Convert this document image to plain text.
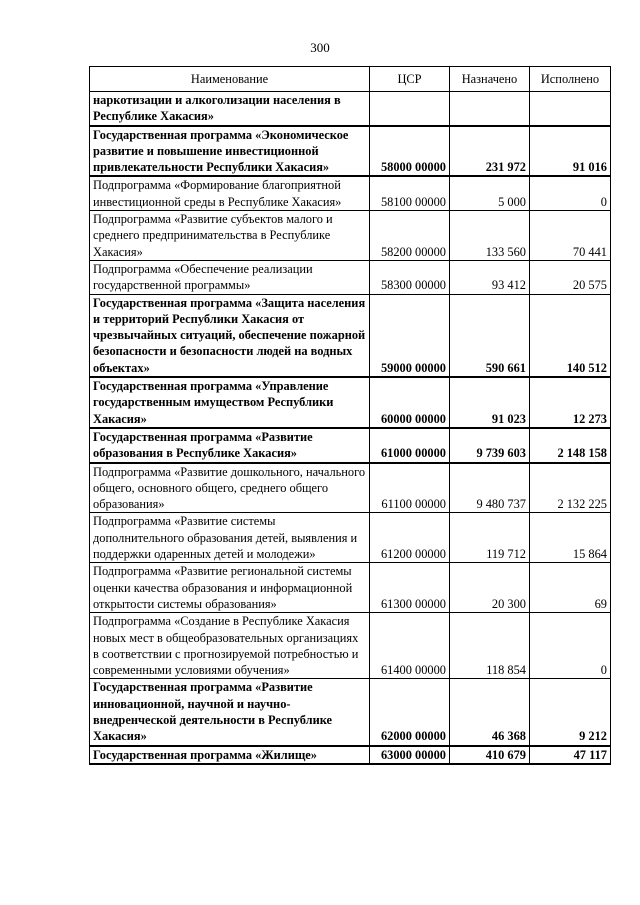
300
Наименование	ЦСР	Назначено	Исполнено
наркотизации и алкоголизации населения в Республике Хакасия»			
Государственная программа «Экономическое развитие и повышение инвестиционной привлекательности Республики Хакасия»	58000 00000	231 972	91 016
Подпрограмма «Формирование благоприятной инвестиционной среды в Республике Хакасия»	58100 00000	5 000	0
Подпрограмма «Развитие субъектов малого и среднего предпринимательства в Республике Хакасия»	58200 00000	133 560	70 441
Подпрограмма «Обеспечение реализации государственной программы»	58300 00000	93 412	20 575
Государственная программа «Защита населения и территорий Республики Хакасия от чрезвычайных ситуаций, обеспечение пожарной безопасности и безопасности людей на водных объектах»	59000 00000	590 661	140 512
Государственная программа «Управление государственным имуществом Республики Хакасия»	60000 00000	91 023	12 273
Государственная программа «Развитие образования в Республике Хакасия»	61000 00000	9 739 603	2 148 158
Подпрограмма «Развитие дошкольного, начального общего, основного общего, среднего общего образования»	61100 00000	9 480 737	2 132 225
Подпрограмма «Развитие системы дополнительного образования детей, выявления и поддержки одаренных детей и молодежи»	61200 00000	119 712	15 864
Подпрограмма «Развитие региональной системы оценки качества образования и информационной открытости системы образования»	61300 00000	20 300	69
Подпрограмма «Создание в Республике Хакасия новых мест в общеобразовательных организациях в соответствии с прогнозируемой потребностью и современными условиями обучения»	61400 00000	118 854	0
Государственная программа «Развитие инновационной, научной и научно-внедренческой деятельности в Республике Хакасия»	62000 00000	46 368	9 212
Государственная программа «Жилище»	63000 00000	410 679	47 117
